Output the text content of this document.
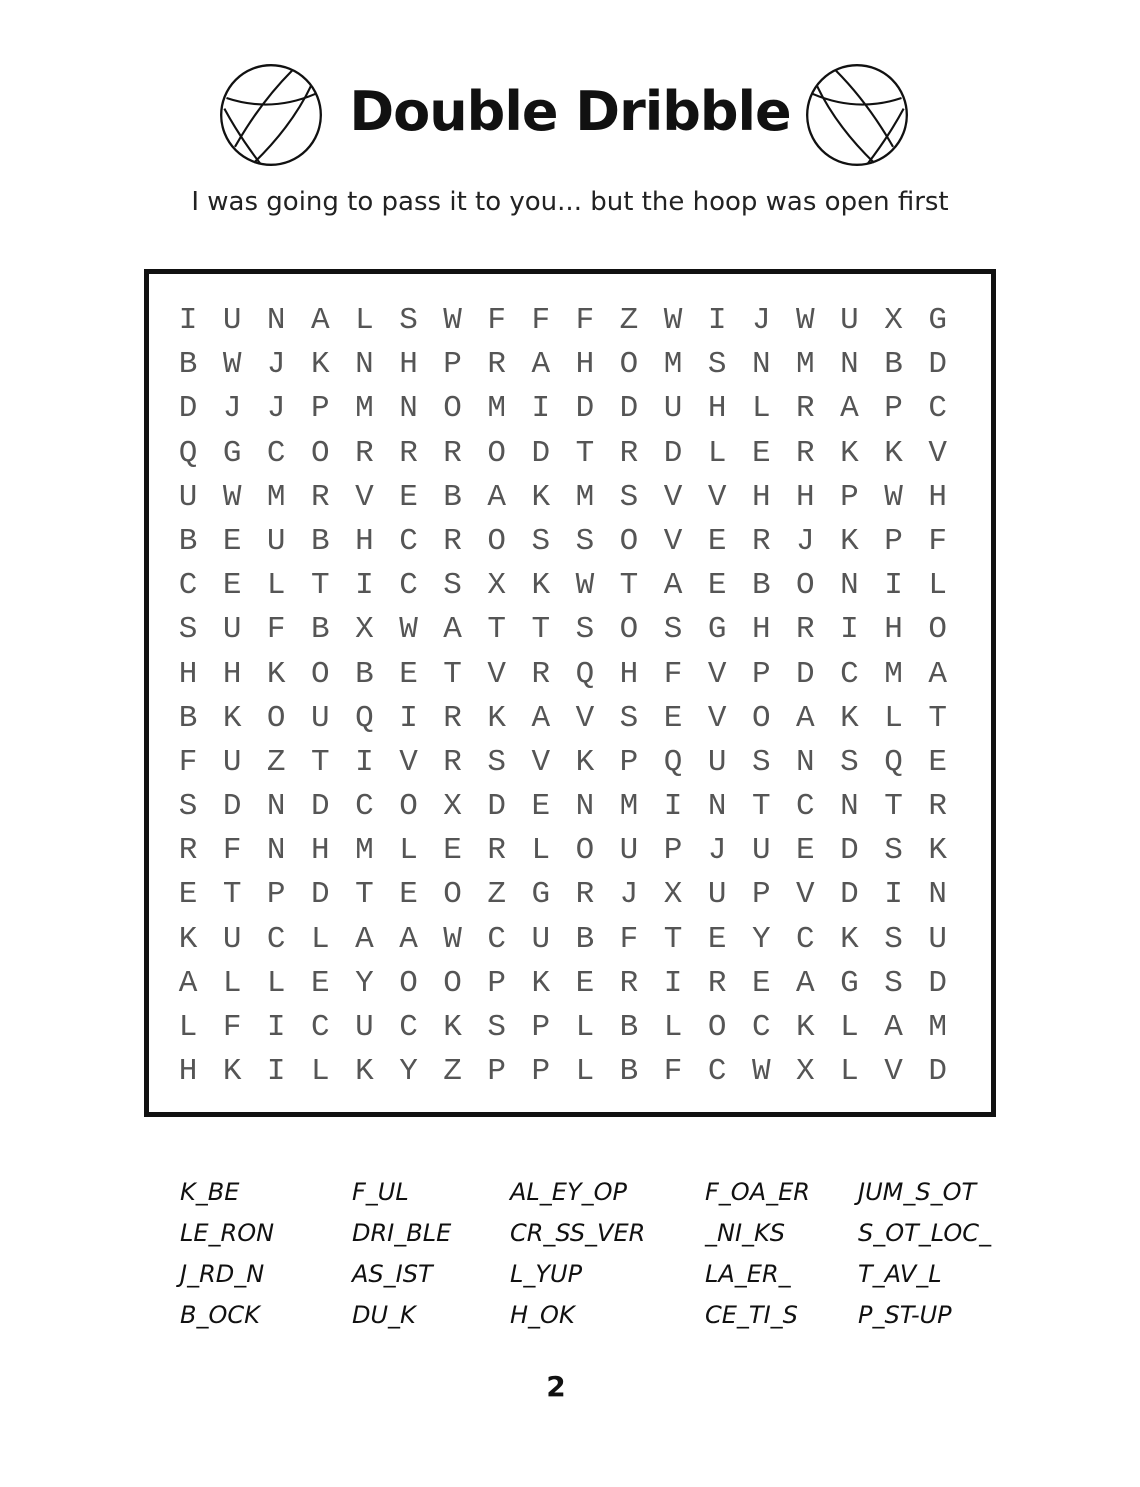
Double Dribble
I was going to pass it to you... but the hoop was open first
I U N A L S W F F F Z W I J W U X G
B W J K N H P R A H O M S N M N B D
D J J P M N O M I D D U H L R A P C
Q G C O R R R O D T R D L E R K K V
U W M R V E B A K M S V V H H P W H
B E U B H C R O S S O V E R J K P F
C E L T I C S X K W T A E B O N I L
S U F B X W A T T S O S G H R I H O
H H K O B E T V R Q H F V P D C M A
B K O U Q I R K A V S E V O A K L T
F U Z T I V R S V K P Q U S N S Q E
S D N D C O X D E N M I N T C N T R
R F N H M L E R L O U P J U E D S K
E T P D T E O Z G R J X U P V D I N
K U C L A A W C U B F T E Y C K S U
A L L E Y O O P K E R I R E A G S D
L F I C U C K S P L B L O C K L A M
H K I L K Y Z P P L B F C W X L V D
K_BE
LE_RON
J_RD_N
B_OCK
F_UL
DRI_BLE
AS_IST
DU_K
AL_EY_OP
CR_SS_VER
L_YUP
H_OK
F_OA_ER
_NI_KS
LA_ER_
CE_TI_S
JUM_S_OT
S_OT_LOC_
T_AV_L
P_ST-UP
2
